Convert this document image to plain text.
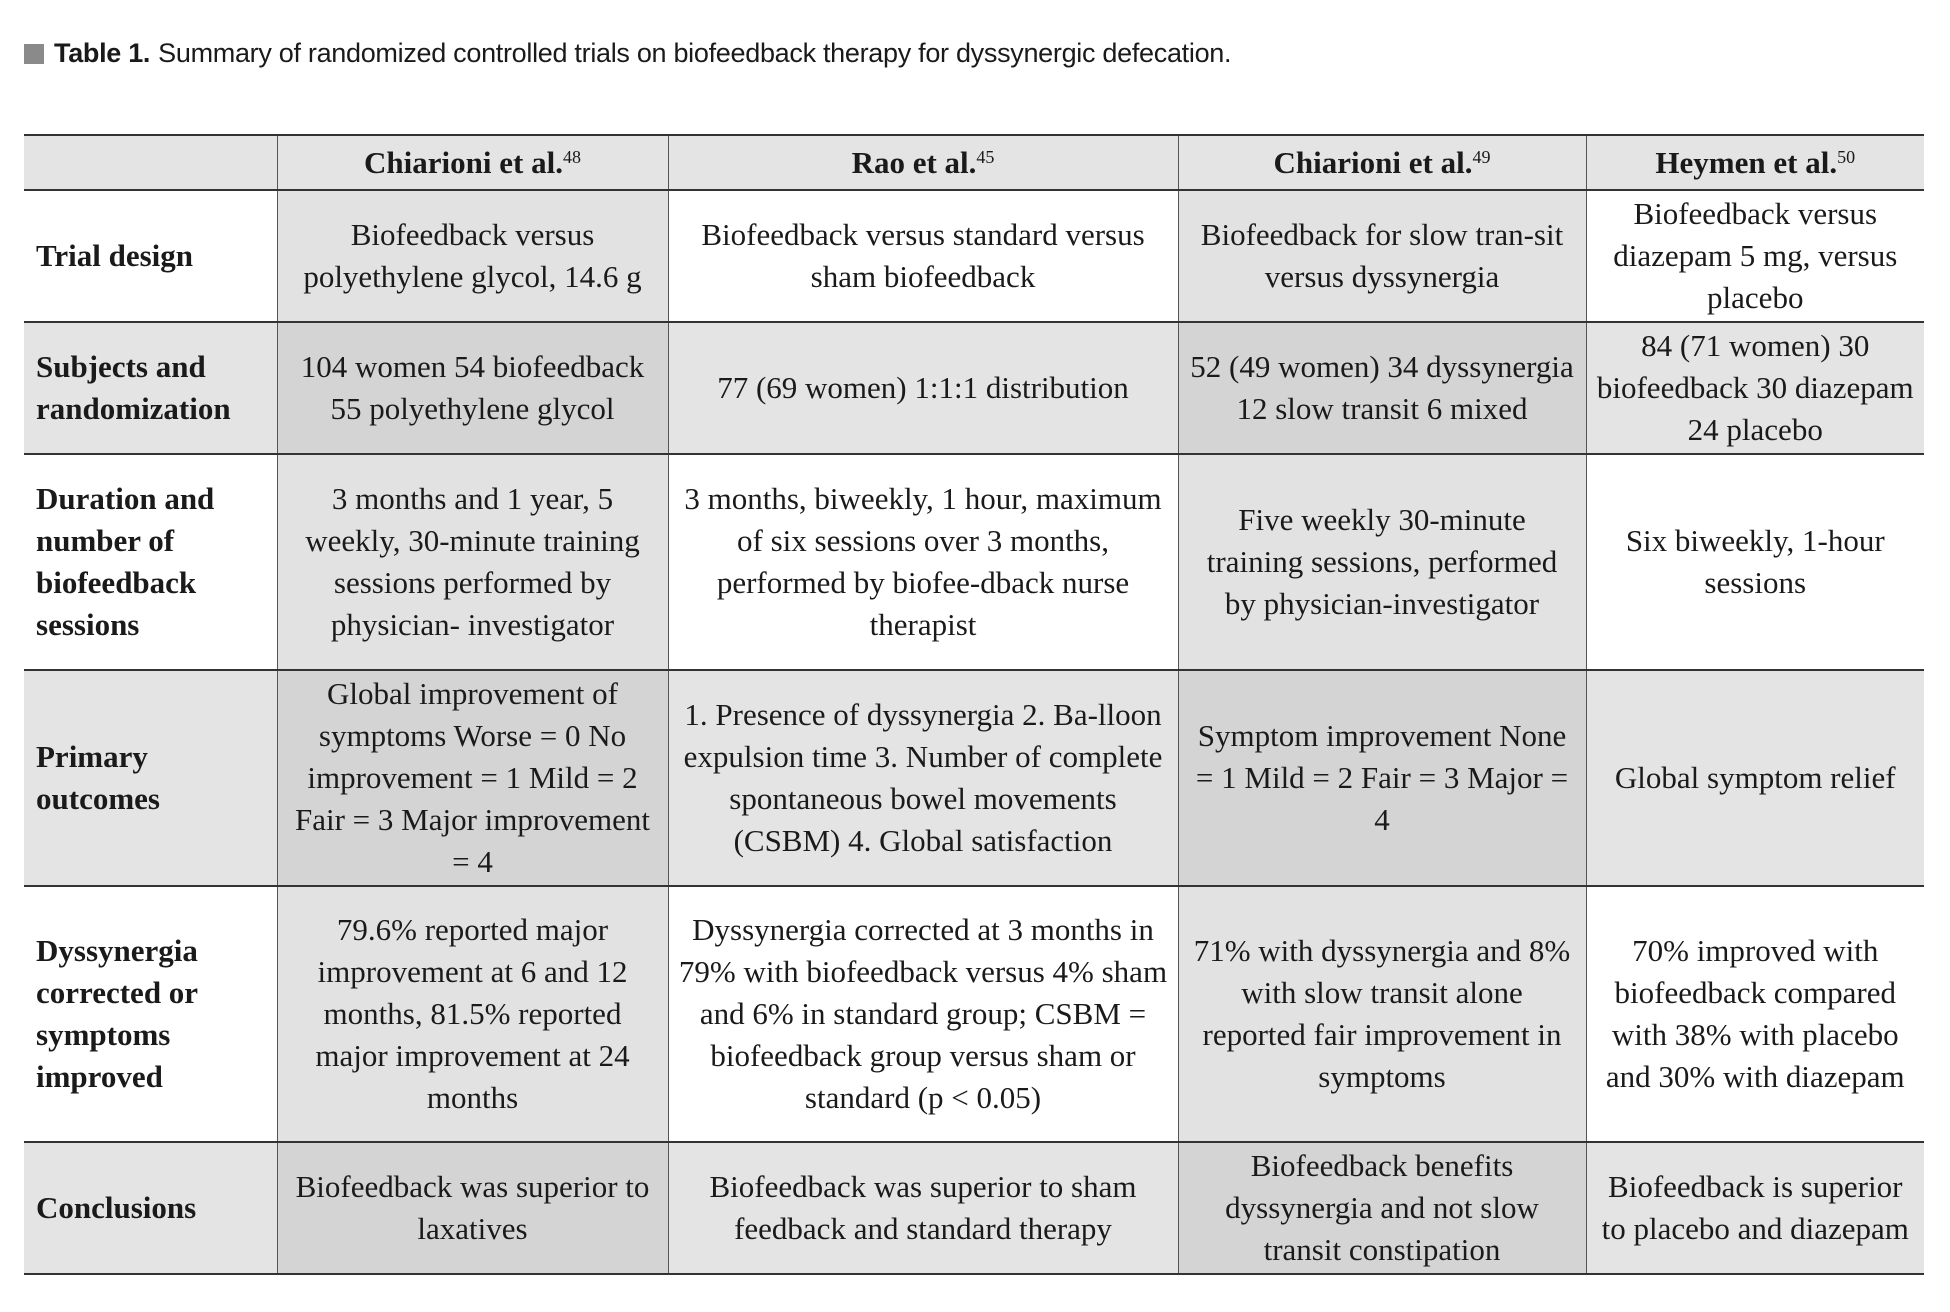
Table 1. Summary of randomized controlled trials on biofeedback therapy for dyssynergic defecation.
	Chiarioni et al.$^{48}$	Rao et al.$^{45}$	Chiarioni et al.$^{49}$	Heymen et al.$^{50}$
Trial design	Biofeedback versus polyethylene glycol, 14.6 g	Biofeedback versus standard versus sham biofeedback	Biofeedback for slow tran-sit versus dyssynergia	Biofeedback versus diazepam 5 mg, versus placebo
Subjects and randomization	104 women 54 biofeedback 55 polyethylene glycol	77 (69 women) 1:1:1 distribution	52 (49 women) 34 dyssynergia 12 slow transit 6 mixed	84 (71 women) 30 biofeedback 30 diazepam 24 placebo
Duration and number of biofeedback sessions	3 months and 1 year, 5 weekly, 30-minute training sessions performed by physician- investigator	3 months, biweekly, 1 hour, maximum of six sessions over 3 months, performed by biofee-dback nurse therapist	Five weekly 30-minute training sessions, performed by physician-investigator	Six biweekly, 1-hour sessions
Primary outcomes	Global improvement of symptoms Worse = 0 No improvement = 1 Mild = 2 Fair = 3 Major improvement = 4	1. Presence of dyssynergia 2. Ba-lloon expulsion time 3. Number of complete spontaneous bowel movements (CSBM) 4. Global satisfaction	Symptom improvement None = 1 Mild = 2 Fair = 3 Major = 4	Global symptom relief
Dyssynergia corrected or symptoms improved	79.6% reported major improvement at 6 and 12 months, 81.5% reported major improvement at 24 months	Dyssynergia corrected at 3 months in 79% with biofeedback versus 4% sham and 6% in standard group; CSBM = biofeedback group versus sham or standard (p < 0.05)	71% with dyssynergia and 8% with slow transit alone reported fair improvement in symptoms	70% improved with biofeedback compared with 38% with placebo and 30% with diazepam
Conclusions	Biofeedback was superior to laxatives	Biofeedback was superior to sham feedback and standard therapy	Biofeedback benefits dyssynergia and not slow transit constipation	Biofeedback is superior to placebo and diazepam
